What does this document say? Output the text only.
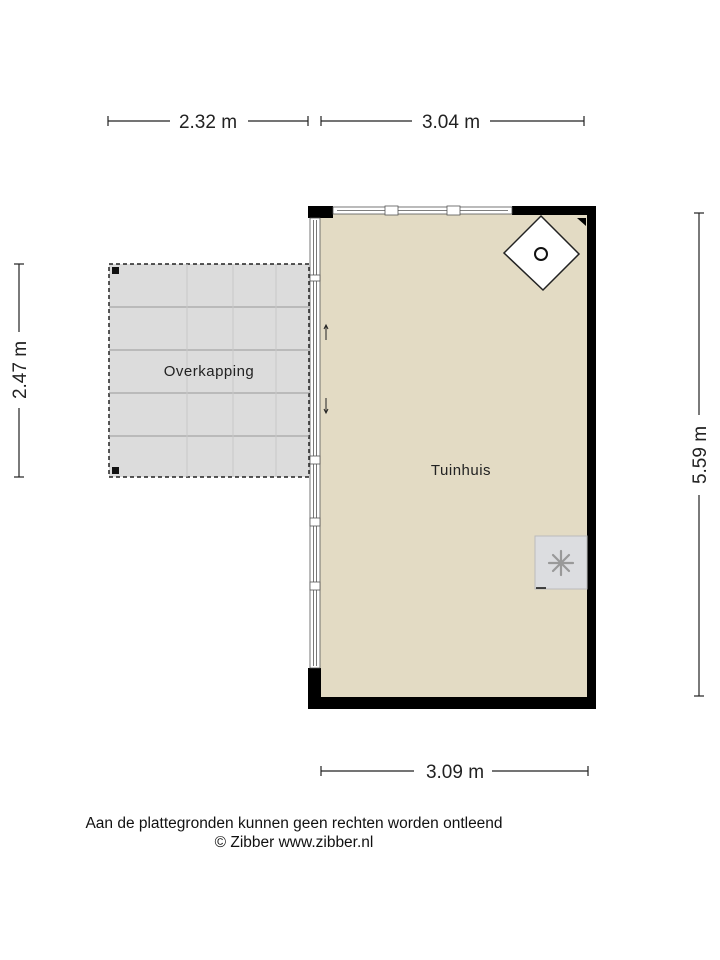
2.32 m	3.04 m
2.47 m
5.59 m
3.09 m
Overkapping
Tuinhuis
Aan de plattegronden kunnen geen rechten worden ontleend
© Zibber www.zibber.nl
